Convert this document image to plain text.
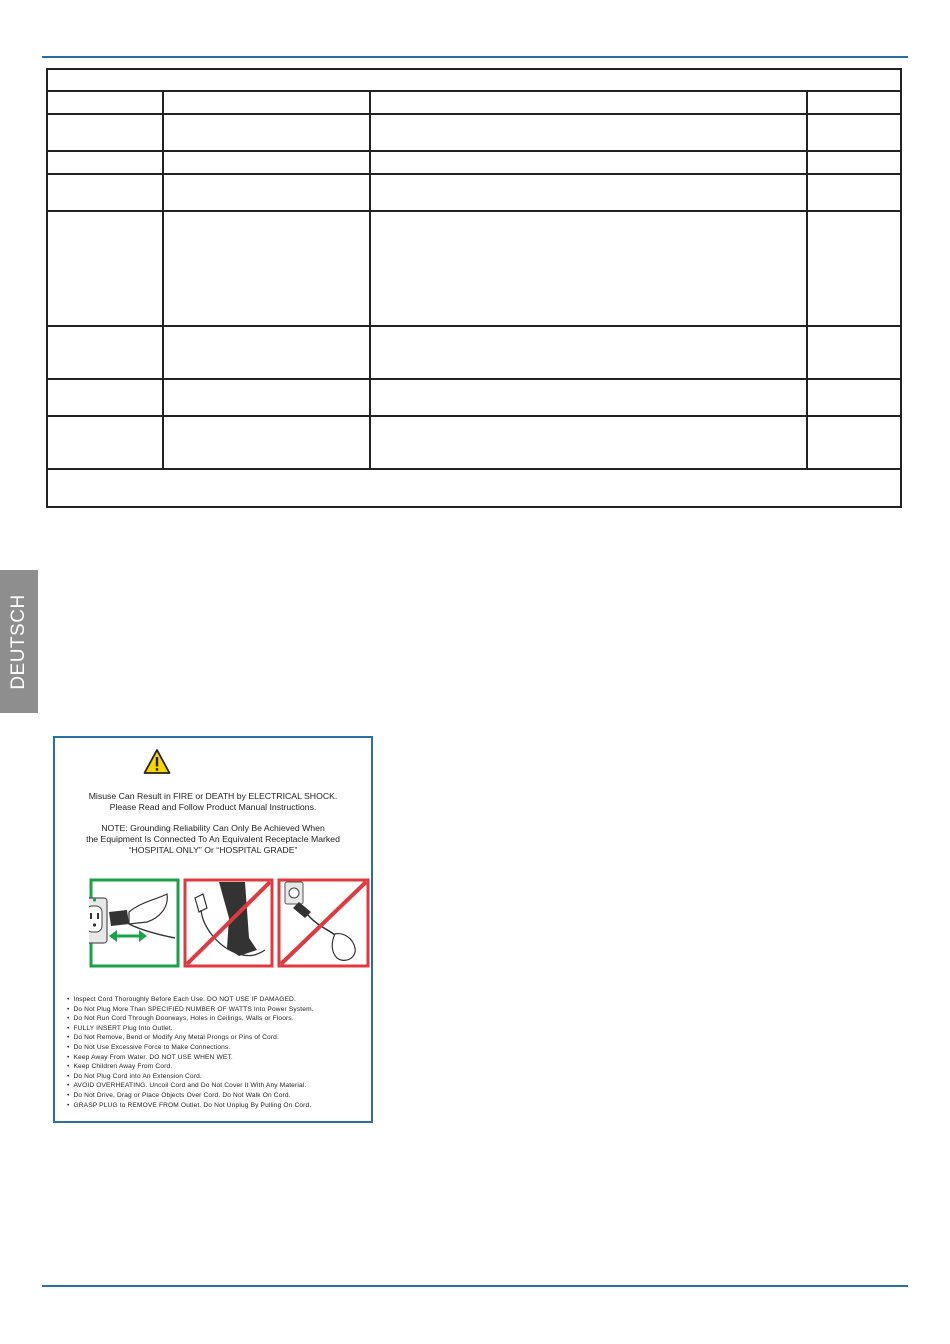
DEUTSCH
Misuse Can Result in FIRE or DEATH by ELECTRICAL SHOCK.
Please Read and Follow Product Manual Instructions.
NOTE: Grounding Reliability Can Only Be Achieved When
the Equipment Is Connected To An Equivalent Receptacle Marked
“HOSPITAL ONLY” Or “HOSPITAL GRADE”
• Inspect Cord Thoroughly Before Each Use. DO NOT USE IF DAMAGED.
• Do Not Plug More Than SPECIFIED NUMBER OF WATTS Into Power System.
• Do Not Run Cord Through Doorways, Holes in Ceilings, Walls or Floors.
• FULLY INSERT Plug Into Outlet.
• Do Not Remove, Bend or Modify Any Metal Prongs or Pins of Cord.
• Do Not Use Excessive Force to Make Connections.
• Keep Away From Water. DO NOT USE WHEN WET.
• Keep Children Away From Cord.
• Do Not Plug Cord into An Extension Cord.
• AVOID OVERHEATING. Uncoil Cord and Do Not Cover It With Any Material.
• Do Not Drive, Drag or Place Objects Over Cord. Do Not Walk On Cord.
• GRASP PLUG to REMOVE FROM Outlet. Do Not Unplug By Pulling On Cord.
